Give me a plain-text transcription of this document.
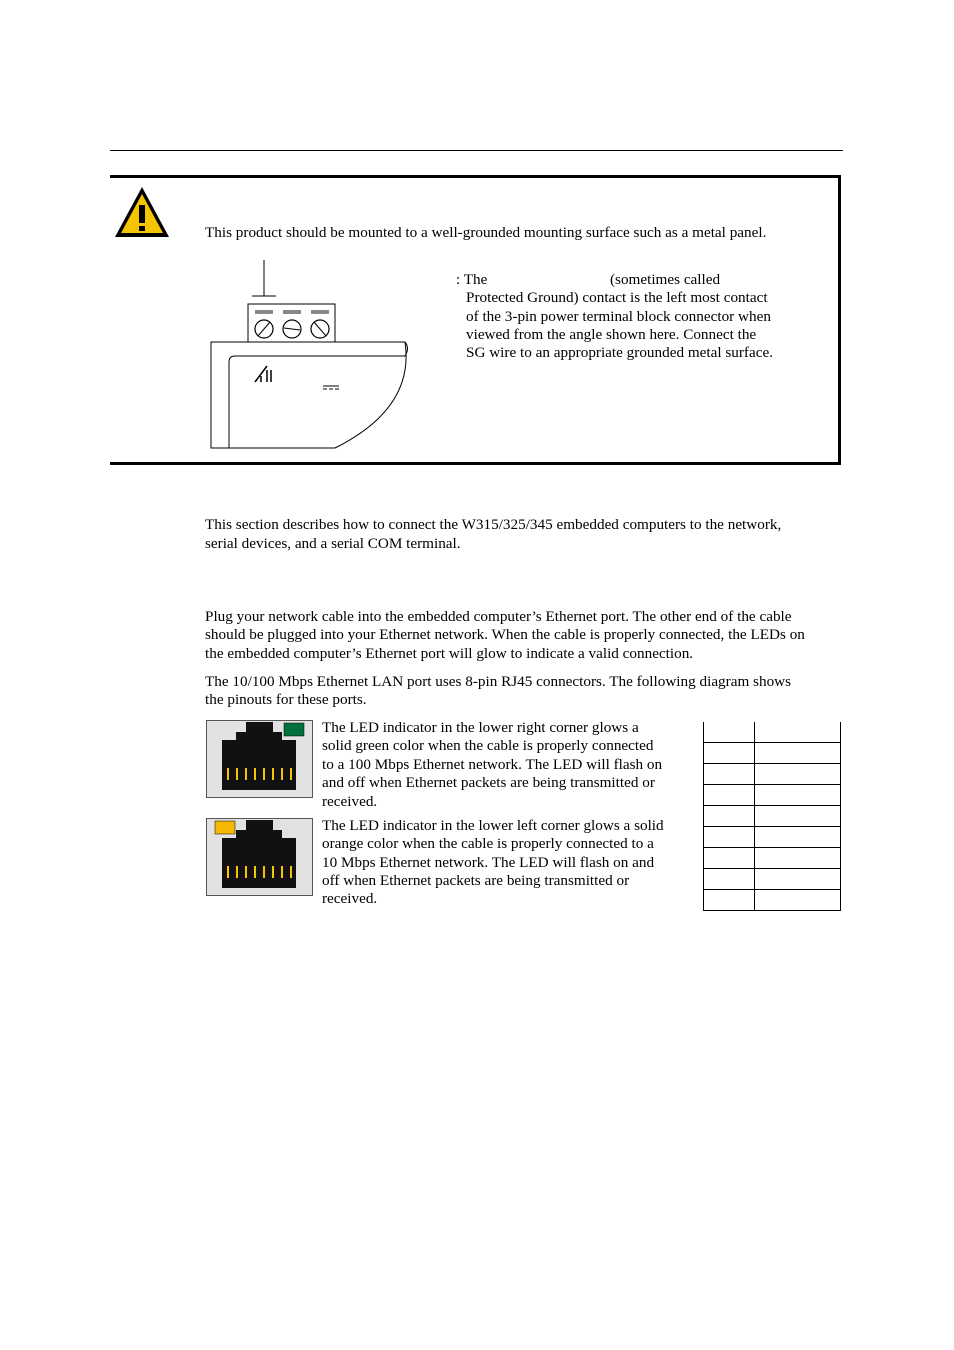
This product should be mounted to a well-grounded mounting surface such as a metal panel.

: The	(sometimes called

Protected Ground) contact is the left most contact

of the 3-pin power terminal block connector when

viewed from the angle shown here. Connect the

SG wire to an appropriate grounded metal surface.

This section describes how to connect the W315/325/345 embedded computers to the network,

serial devices, and a serial COM terminal.

Plug your network cable into the embedded computer’s Ethernet port. The other end of the cable

should be plugged into your Ethernet network. When the cable is properly connected, the LEDs on

the embedded computer’s Ethernet port will glow to indicate a valid connection.

The 10/100 Mbps Ethernet LAN port uses 8-pin RJ45 connectors. The following diagram shows

the pinouts for these ports.

The LED indicator in the lower right corner glows a

solid green color when the cable is properly connected

to a 100 Mbps Ethernet network. The LED will flash on

and off when Ethernet packets are being transmitted or

received.

The LED indicator in the lower left corner glows a solid

orange color when the cable is properly connected to a

10 Mbps Ethernet network. The LED will flash on and

off when Ethernet packets are being transmitted or

received.
